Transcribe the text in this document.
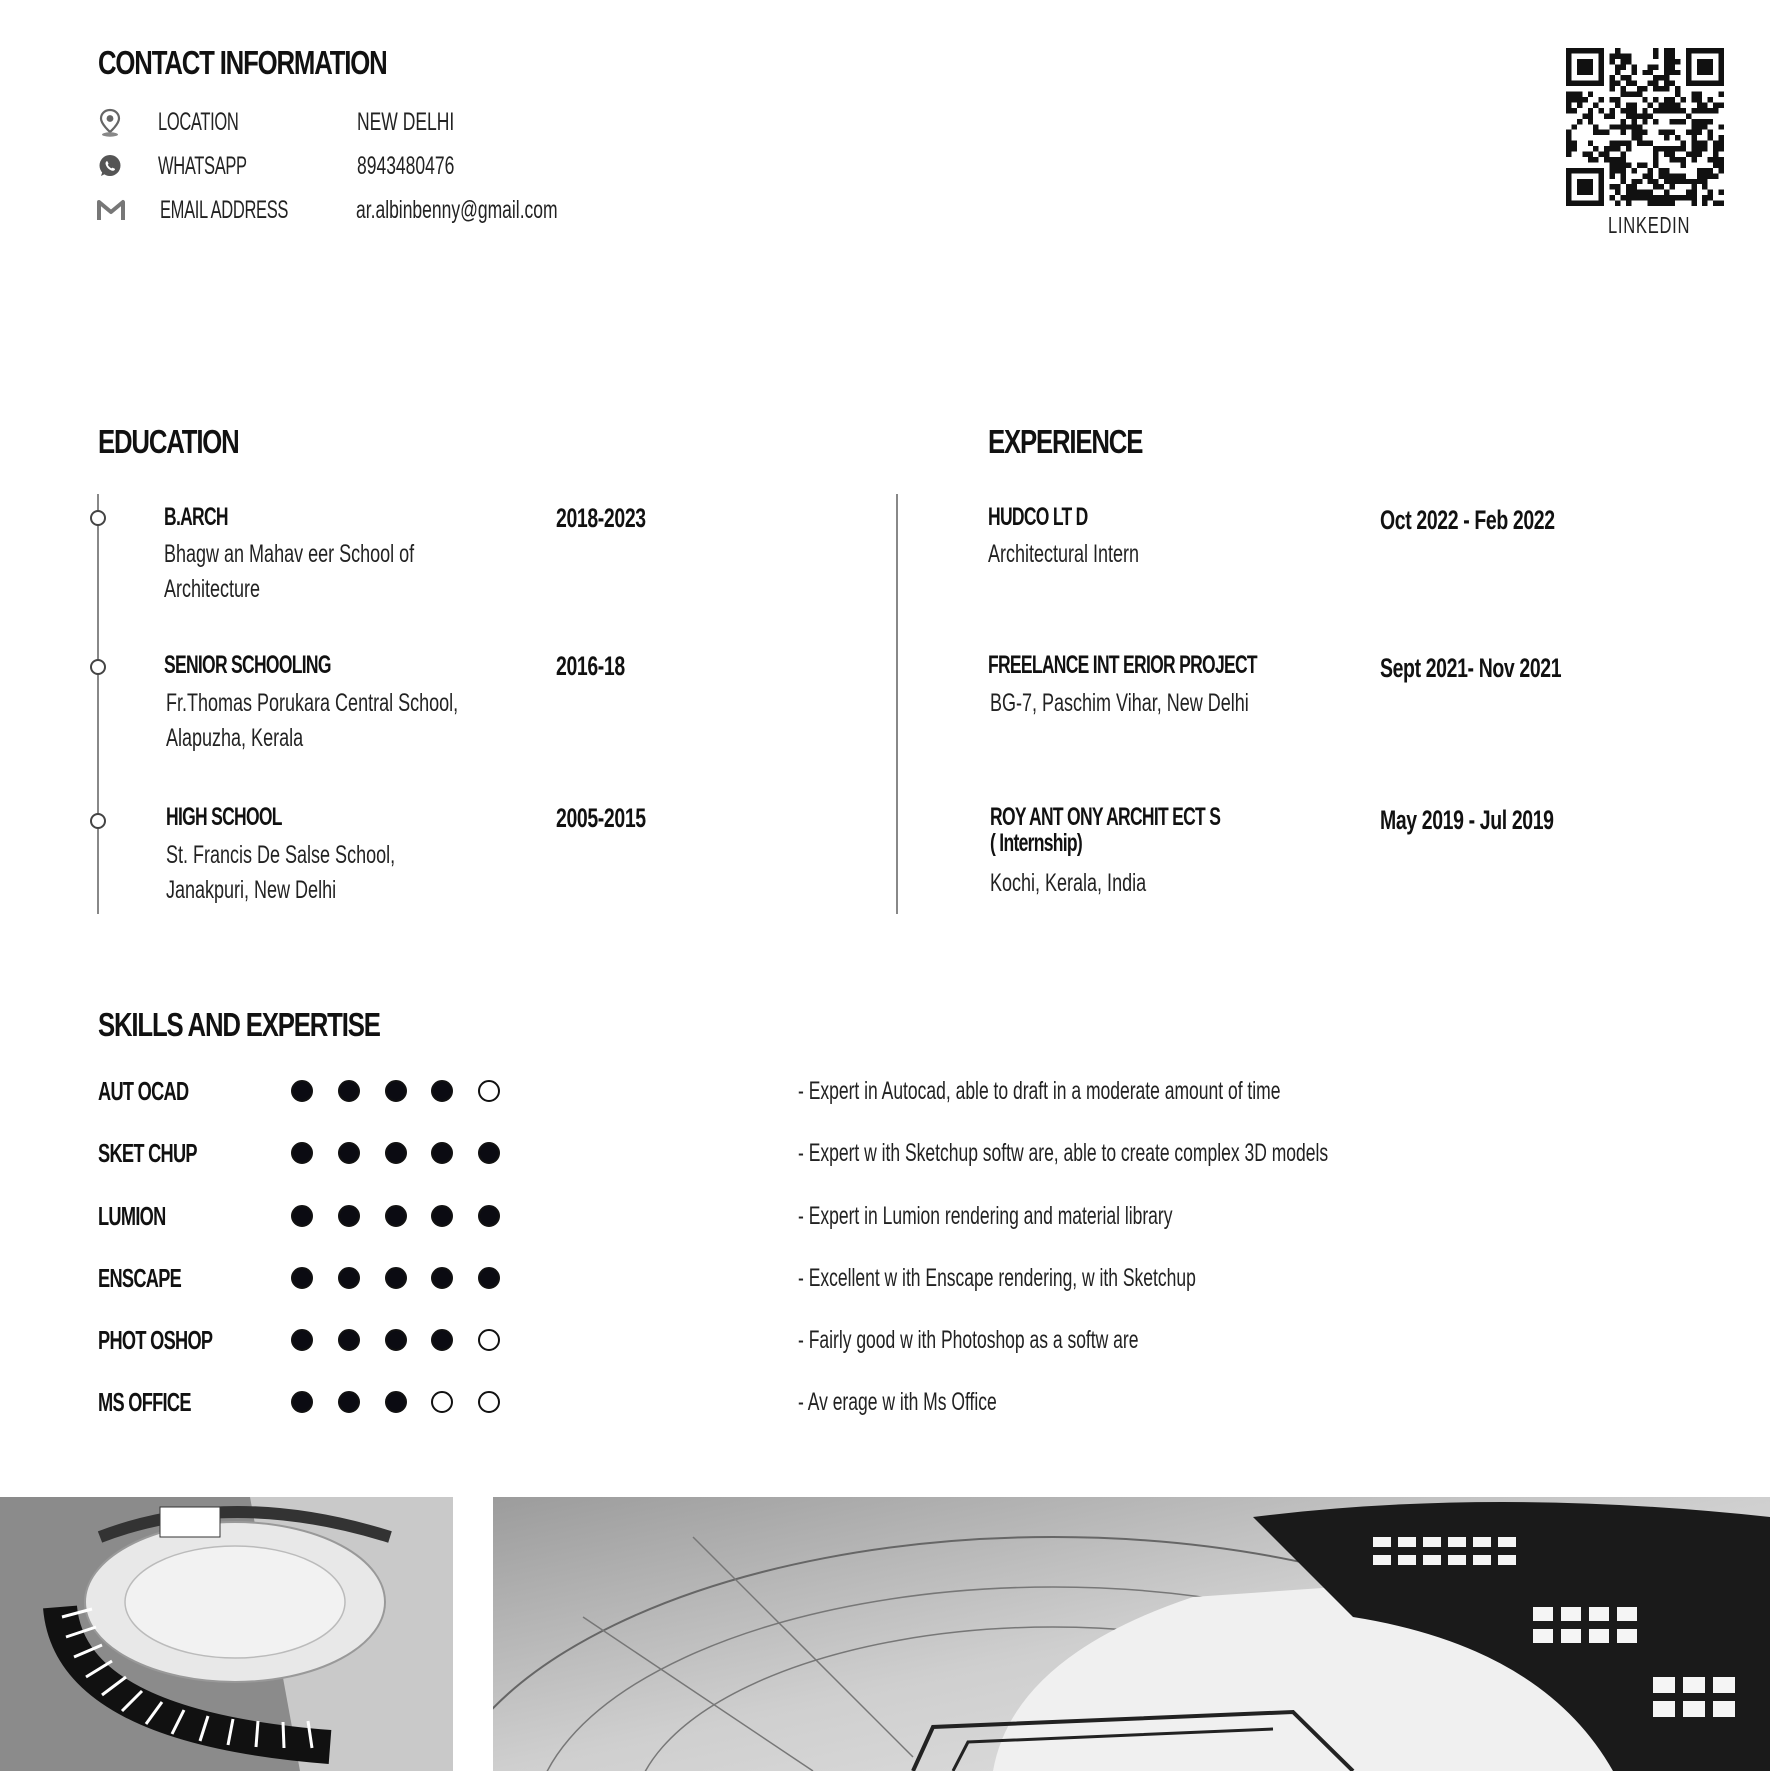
CONTACT INFORMATION
LOCATION	NEW DELHI
WHATSAPP	8943480476
EMAIL ADDRESS	ar.albinbenny@gmail.com
LINKEDIN
EDUCATION
B.ARCH
Bhagw an Mahav eer School of
Architecture
2018-2023
SENIOR SCHOOLING
Fr.Thomas Porukara Central School,
Alapuzha, Kerala
2016-18
HIGH SCHOOL
St. Francis De Salse School,
Janakpuri, New Delhi
2005-2015
EXPERIENCE
HUDCO LT D
Architectural Intern
Oct 2022 - Feb 2022
FREELANCE INT ERIOR PROJECT
BG-7, Paschim Vihar, New Delhi
Sept 2021- Nov 2021
ROY ANT ONY ARCHIT ECT S
( Internship)
Kochi, Kerala, India
May 2019 - Jul 2019
SKILLS AND EXPERTISE
AUT OCAD	- Expert in Autocad, able to draft in a moderate amount of time
SKET CHUP	- Expert w ith Sketchup softw are, able to create complex 3D models
LUMION	- Expert in Lumion rendering and material library
ENSCAPE	- Excellent w ith Enscape rendering, w ith Sketchup
PHOT OSHOP	- Fairly good w ith Photoshop as a softw are
MS OFFICE	- Av erage w ith Ms Office
